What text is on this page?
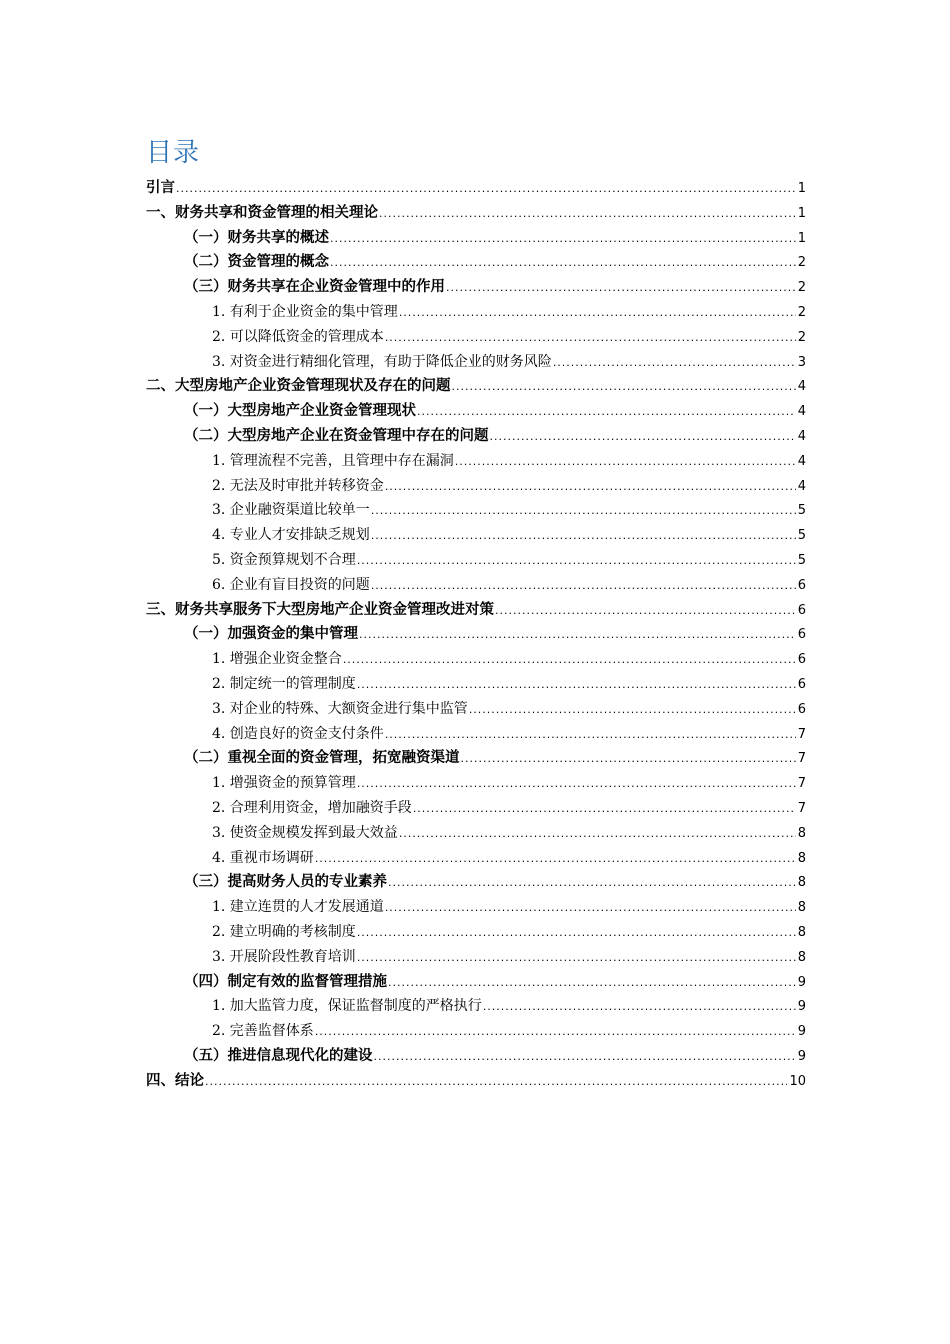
目录
引言 .....	1
一、财务共享和资金管理的相关理论 .....	1
（一）财务共享的概述 .....	1
（二）资金管理的概念 .....	2
（三）财务共享在企业资金管理中的作用 .....	2
1. 有利于企业资金的集中管理 .....	2
2. 可以降低资金的管理成本 .....	2
3. 对资金进行精细化管理，有助于降低企业的财务风险 .....	3
二、大型房地产企业资金管理现状及存在的问题 .....	4
（一）大型房地产企业资金管理现状 .....	4
（二）大型房地产企业在资金管理中存在的问题 .....	4
1. 管理流程不完善，且管理中存在漏洞 .....	4
2. 无法及时审批并转移资金 .....	4
3. 企业融资渠道比较单一 .....	5
4. 专业人才安排缺乏规划 .....	5
5. 资金预算规划不合理 .....	5
6. 企业有盲目投资的问题 .....	6
三、财务共享服务下大型房地产企业资金管理改进对策 .....	6
（一）加强资金的集中管理 .....	6
1. 增强企业资金整合 .....	6
2. 制定统一的管理制度 .....	6
3. 对企业的特殊、大额资金进行集中监管 .....	6
4. 创造良好的资金支付条件 .....	7
（二）重视全面的资金管理，拓宽融资渠道 .....	7
1. 增强资金的预算管理 .....	7
2. 合理利用资金，增加融资手段 .....	7
3. 使资金规模发挥到最大效益 .....	8
4. 重视市场调研 .....	8
（三）提高财务人员的专业素养 .....	8
1. 建立连贯的人才发展通道 .....	8
2. 建立明确的考核制度 .....	8
3. 开展阶段性教育培训 .....	8
（四）制定有效的监督管理措施 .....	9
1. 加大监管力度，保证监督制度的严格执行 .....	9
2. 完善监督体系 .....	9
（五）推进信息现代化的建设 .....	9
四、结论 .....	10
